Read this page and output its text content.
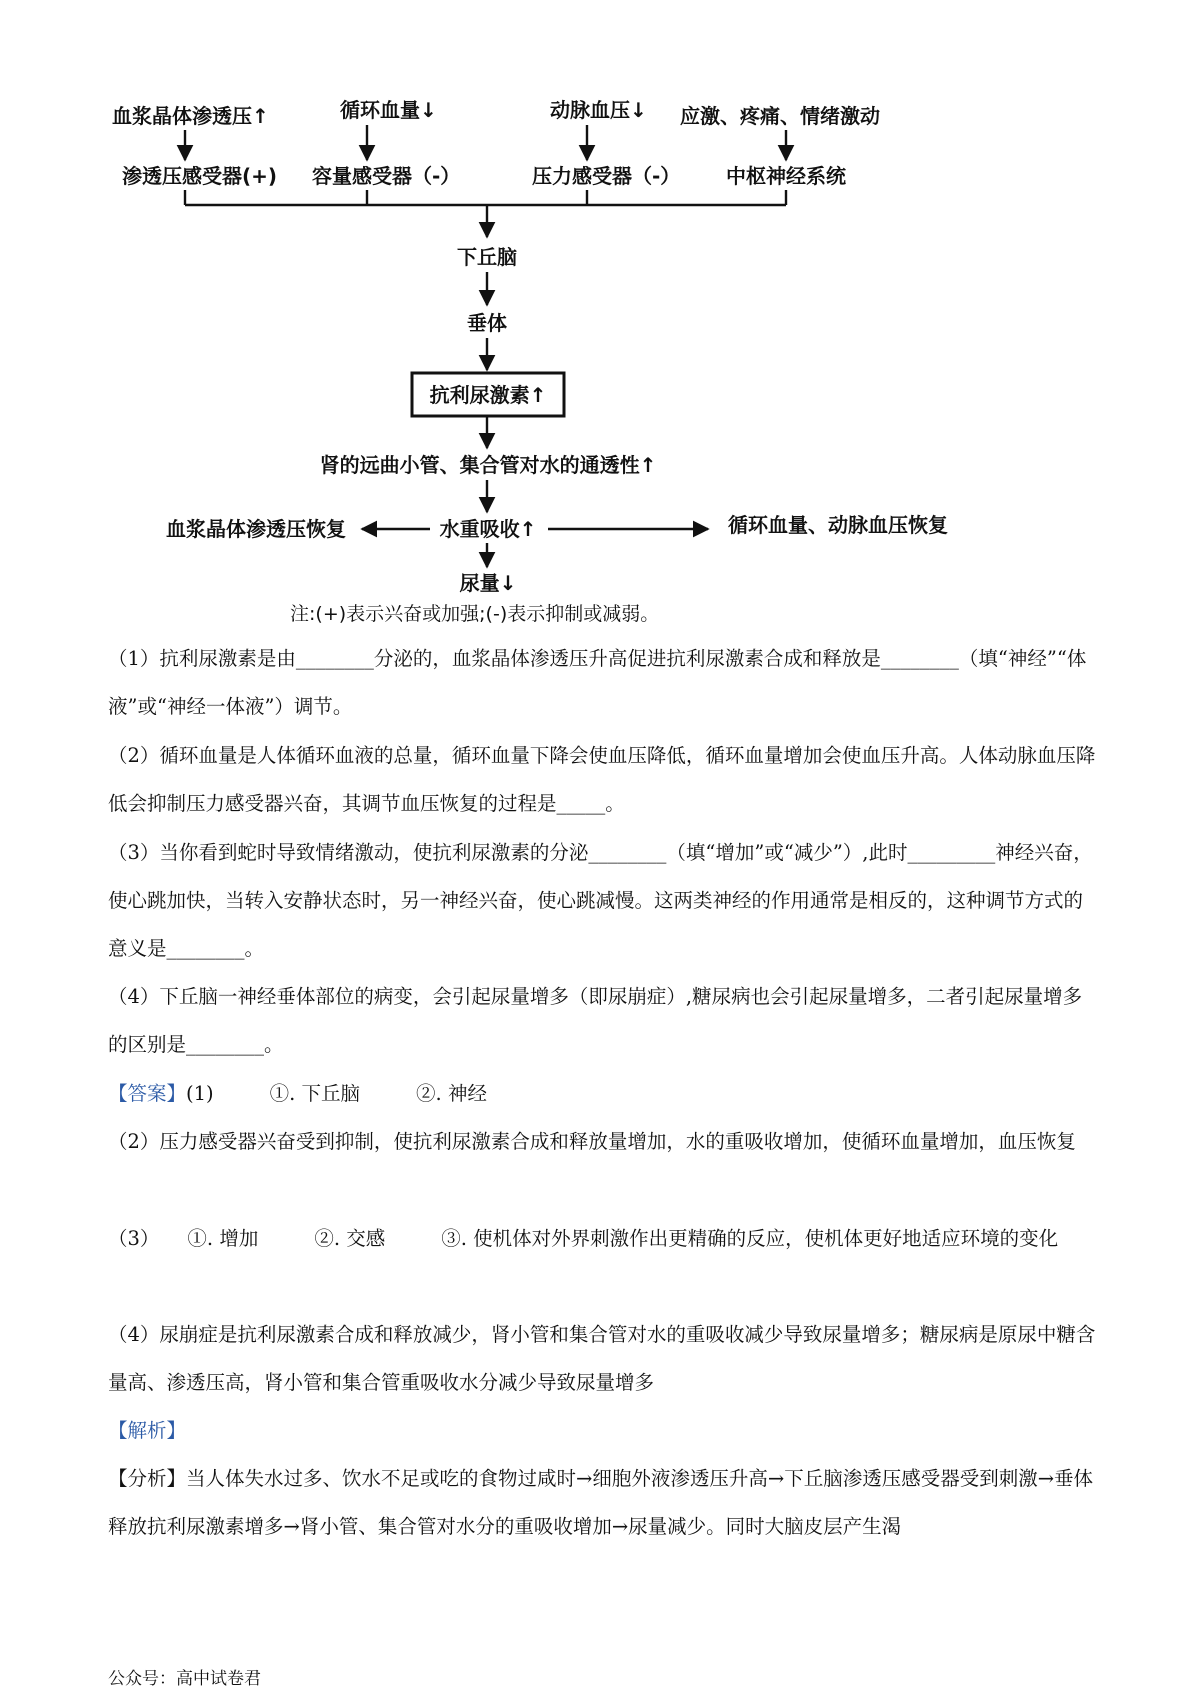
血浆晶体渗透压↑	循环血量↓	动脉血压↓ 应激、疼痛、情绪激动
渗透压感受器(+) 容量感受器（-）	压力感受器（-） 中枢神经系统
下丘脑
垂体
抗利尿激素↑
肾的远曲小管、集合管对水的通透性↑
水重吸收↑
血浆晶体渗透压恢复	循环血量、动脉血压恢复
尿量↓
注:(+)表示兴奋或加强;(-)表示抑制或减弱。
（1）抗利尿激素是由________分泌的，血浆晶体渗透压升高促进抗利尿激素合成和释放是________（填“神经”“体液”或“神经一体液”）调节。
（2）循环血量是人体循环血液的总量，循环血量下降会使血压降低，循环血量增加会使血压升高。人体动脉血压降低会抑制压力感受器兴奋，其调节血压恢复的过程是_____。
（3）当你看到蛇时导致情绪激动，使抗利尿激素的分泌________（填“增加”或“减少”）,此时_________神经兴奋，使心跳加快，当转入安静状态时，另一神经兴奋，使心跳减慢。这两类神经的作用通常是相反的，这种调节方式的意义是________。
（4）下丘脑一神经垂体部位的病变，会引起尿量增多（即尿崩症）,糖尿病也会引起尿量增多，二者引起尿量增多的区别是________。
【答案】(1)	①. 下丘脑	②. 神经
（2）压力感受器兴奋受到抑制，使抗利尿激素合成和释放量增加，水的重吸收增加，使循环血量增加，血压恢复
（3） ①. 增加	②. 交感	③. 使机体对外界刺激作出更精确的反应，使机体更好地适应环境的变化
（4）尿崩症是抗利尿激素合成和释放减少，肾小管和集合管对水的重吸收减少导致尿量增多；糖尿病是原尿中糖含量高、渗透压高，肾小管和集合管重吸收水分减少导致尿量增多
【解析】
【分析】当人体失水过多、饮水不足或吃的食物过咸时→细胞外液渗透压升高→下丘脑渗透压感受器受到刺激→垂体释放抗利尿激素增多→肾小管、集合管对水分的重吸收增加→尿量减少。同时大脑皮层产生渴
公众号：高中试卷君
